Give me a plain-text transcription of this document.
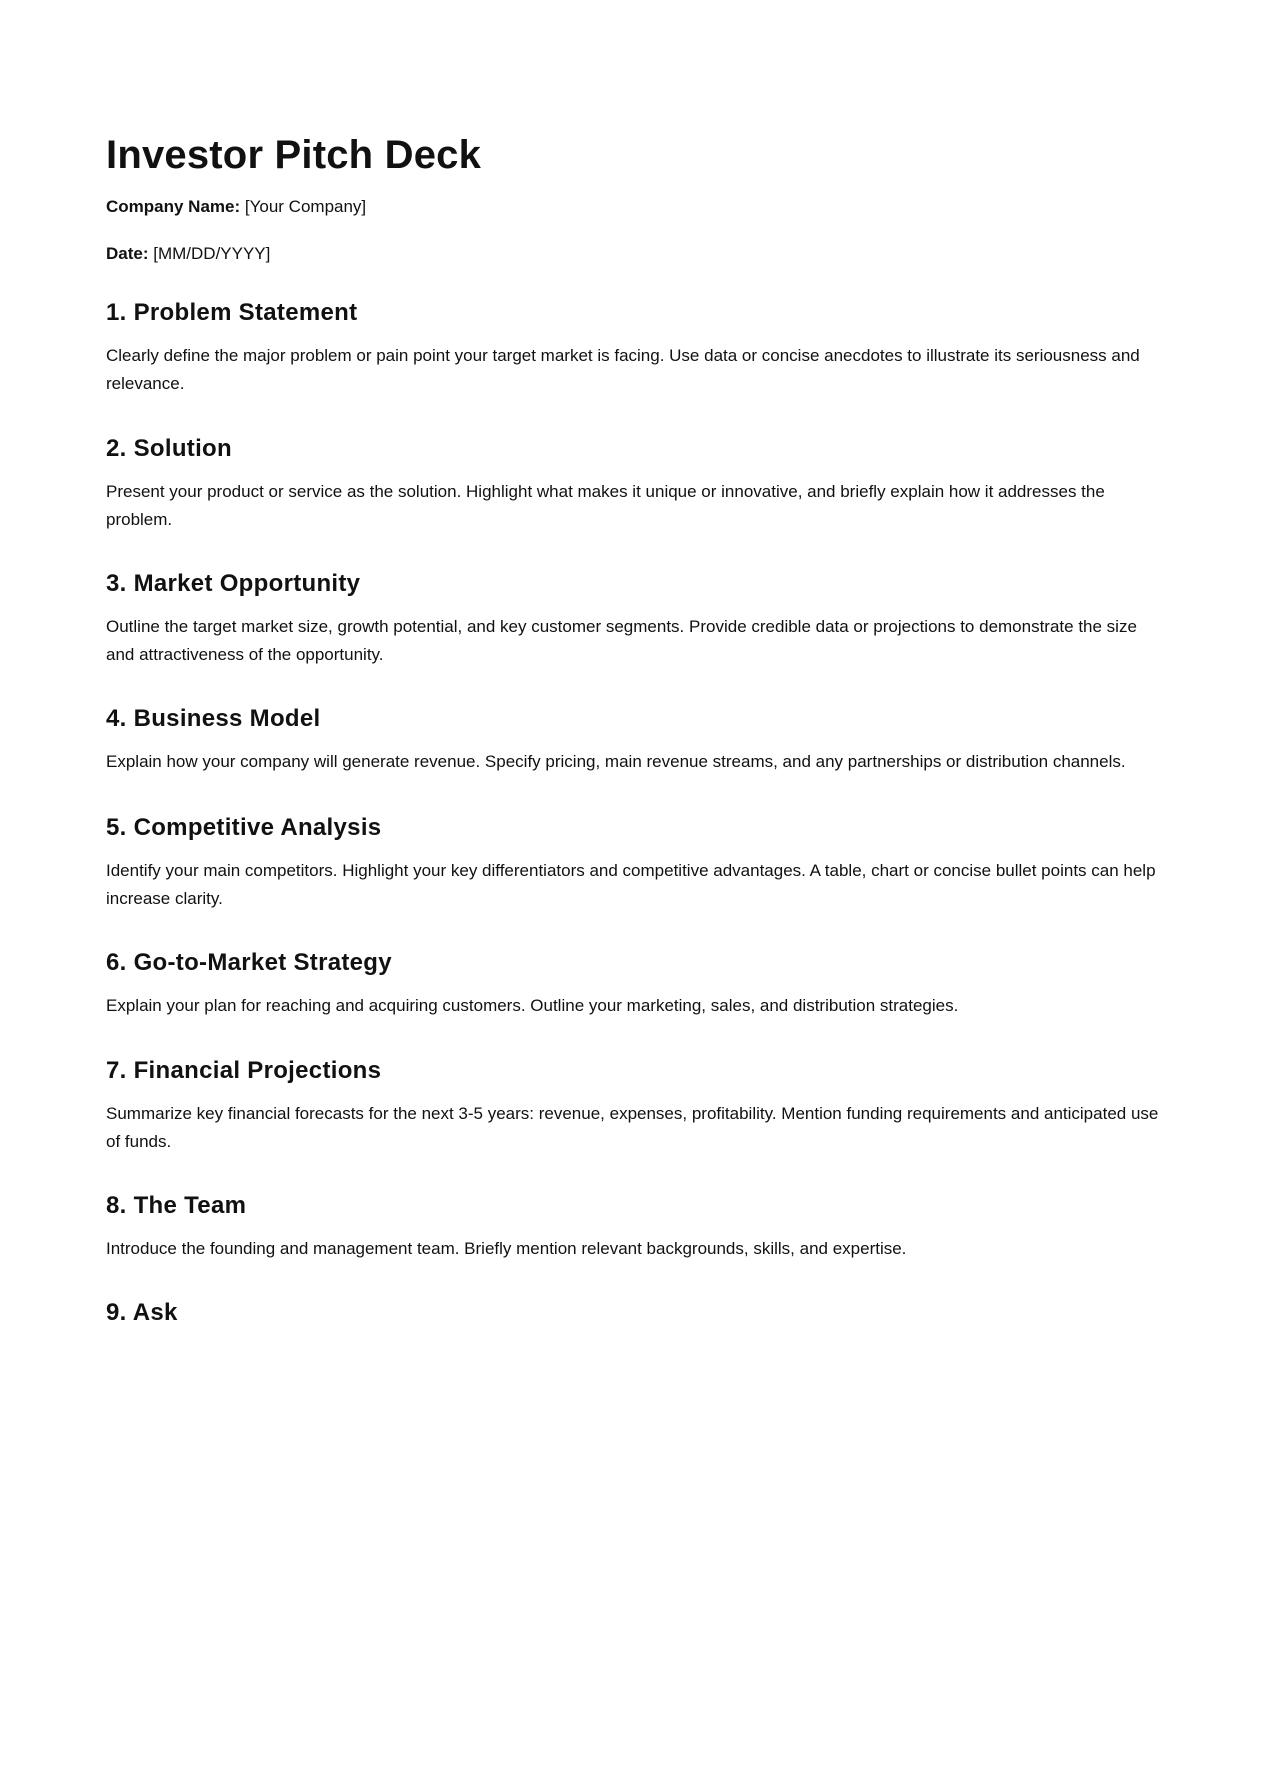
Investor Pitch Deck

Company Name: [Your Company]

Date: [MM/DD/YYYY]

1. Problem Statement

Clearly define the major problem or pain point your target market is facing. Use data or concise anecdotes to illustrate its seriousness and relevance.

2. Solution

Present your product or service as the solution. Highlight what makes it unique or innovative, and briefly explain how it addresses the problem.

3. Market Opportunity

Outline the target market size, growth potential, and key customer segments. Provide credible data or projections to demonstrate the size and attractiveness of the opportunity.

4. Business Model

Explain how your company will generate revenue. Specify pricing, main revenue streams, and any partnerships or distribution channels.

5. Competitive Analysis

Identify your main competitors. Highlight your key differentiators and competitive advantages. A table, chart or concise bullet points can help increase clarity.

6. Go-to-Market Strategy

Explain your plan for reaching and acquiring customers. Outline your marketing, sales, and distribution strategies.

7. Financial Projections

Summarize key financial forecasts for the next 3-5 years: revenue, expenses, profitability. Mention funding requirements and anticipated use of funds.

8. The Team

Introduce the founding and management team. Briefly mention relevant backgrounds, skills, and expertise.

9. Ask
